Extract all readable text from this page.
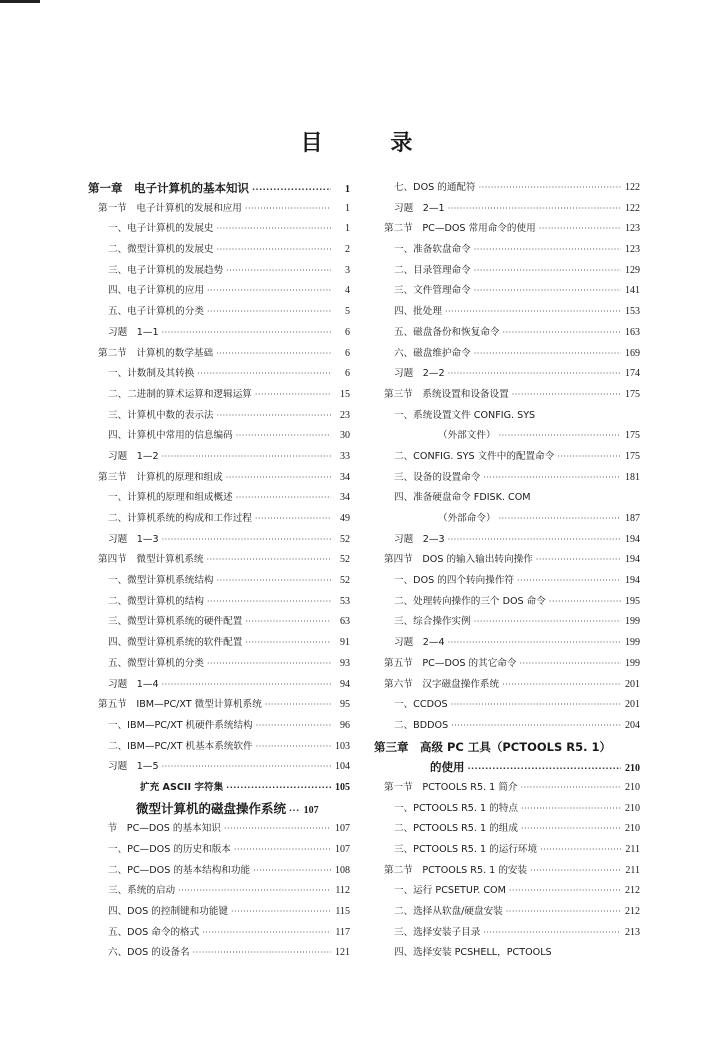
目 录
第一章　电子计算机的基本知识 ·····	1
第一节　电子计算机的发展和应用 ·····	1
一、电子计算机的发展史 ·····	1
二、微型计算机的发展史 ·····	2
三、电子计算机的发展趋势 ·····	3
四、电子计算机的应用 ·····	4
五、电子计算机的分类 ·····	5
习题　1—1 ·····	6
第二节　计算机的数学基础 ·····	6
一、计数制及其转换 ·····	6
二、二进制的算术运算和逻辑运算 ·····	15
三、计算机中数的表示法 ·····	23
四、计算机中常用的信息编码 ·····	30
习题　1—2 ·····	33
第三节　计算机的原理和组成 ·····	34
一、计算机的原理和组成概述 ·····	34
二、计算机系统的构成和工作过程 ·····	49
习题　1—3 ·····	52
第四节　微型计算机系统 ·····	52
一、微型计算机系统结构 ·····	52
二、微型计算机的结构 ·····	53
三、微型计算机系统的硬件配置 ·····	63
四、微型计算机系统的软件配置 ·····	91
五、微型计算机的分类 ·····	93
习题　1—4 ·····	94
第五节　IBM—PC/XT 微型计算机系统 ·····	95
一、IBM—PC/XT 机硬件系统结构 ·····	96
二、IBM—PC/XT 机基本系统软件 ·····	103
习题　1—5 ·····	104
扩充 ASCII 字符集 ·····	105
微型计算机的磁盘操作系统 ··· 107
　节　PC—DOS 的基本知识 ·····	107
一、PC—DOS 的历史和版本 ·····	107
二、PC—DOS 的基本结构和功能 ·····	108
三、系统的启动 ·····	112
四、DOS 的控制键和功能键 ·····	115
五、DOS 命令的格式 ·····	117
六、DOS 的设备名 ·····	121
七、DOS 的通配符 ·····	122
习题　2—1 ·····	122
第二节　PC—DOS 常用命令的使用 ·····	123
一、准备软盘命令 ·····	123
二、目录管理命令 ·····	129
三、文件管理命令 ·····	141
四、批处理 ·····	153
五、磁盘备份和恢复命令 ·····	163
六、磁盘维护命令 ·····	169
习题　2—2 ·····	174
第三节　系统设置和设备设置 ·····	175
一、系统设置文件 CONFIG. SYS
（外部文件） ·····	175
二、CONFIG. SYS 文件中的配置命令 ·····	175
三、设备的设置命令 ·····	181
四、准备硬盘命令 FDISK. COM
（外部命令） ·····	187
习题　2—3 ·····	194
第四节　DOS 的输入输出转向操作 ·····	194
一、DOS 的四个转向操作符 ·····	194
二、处理转向操作的三个 DOS 命令 ·····	195
三、综合操作实例 ·····	199
习题　2—4 ·····	199
第五节　PC—DOS 的其它命令 ·····	199
第六节　汉字磁盘操作系统 ·····	201
一、CCDOS ·····	201
二、BDDOS ·····	204
第三章　高级 PC 工具（PCTOOLS R5. 1）
的使用 ·····	210
第一节　PCTOOLS R5. 1 简介 ·····	210
一、PCTOOLS R5. 1 的特点 ·····	210
二、PCTOOLS R5. 1 的组成 ·····	210
三、PCTOOLS R5. 1 的运行环境 ·····	211
第二节　PCTOOLS R5. 1 的安装 ·····	211
一、运行 PCSETUP. COM ·····	212
二、选择从软盘/硬盘安装 ·····	212
三、选择安装子目录 ·····	213
四、选择安装 PCSHELL，PCTOOLS
